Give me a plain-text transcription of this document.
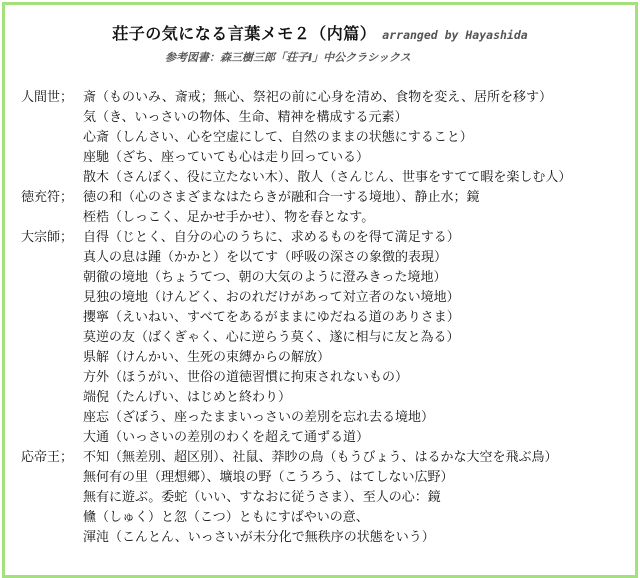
荘子の気になる言葉メモ２（内篇） arranged by Hayashida
参考図書：森三樹三郎「荘子Ⅰ」中公クラシックス
人間世； 斎（ものいみ、斎戒；無心、祭祀の前に心身を清め、食物を変え、居所を移す）
気（き、いっさいの物体、生命、精神を構成する元素）
心斎（しんさい、心を空虚にして、自然のままの状態にすること）
座馳（ざち、座っていても心は走り回っている）
散木（さんぼく、役に立たない木）、散人（さんじん、世事をすてて暇を楽しむ人）
徳充符； 徳の和（心のさまざまなはたらきが融和合一する境地）、静止水；鏡
桎梏（しっこく、足かせ手かせ）、物を春となす。
大宗師； 自得（じとく、自分の心のうちに、求めるものを得て満足する）
真人の息は踵（かかと）を以てす（呼吸の深さの象徴的表現）
朝徹の境地（ちょうてつ、朝の大気のように澄みきった境地）
見独の境地（けんどく、おのれだけがあって対立者のない境地）
攖寧（えいねい、すべてをあるがままにゆだねる道のありさま）
莫逆の友（ばくぎゃく、心に逆らう莫く、遂に相与に友と為る）
県解（けんかい、生死の束縛からの解放）
方外（ほうがい、世俗の道徳習慣に拘束されないもの）
端倪（たんげい、はじめと終わり）
座忘（ざぼう、座ったままいっさいの差別を忘れ去る境地）
大通（いっさいの差別のわくを超えて通ずる道）
応帝王； 不知（無差別、超区別）、社鼠、莽眇の鳥（もうびょう、はるかな大空を飛ぶ鳥）
無何有の里（理想郷）、壙埌の野（こうろう、はてしない広野）
無有に遊ぶ。委蛇（いい、すなおに従うさま）、至人の心：鏡
儵（しゅく）と忽（こつ）ともにすばやいの意、
渾沌（こんとん、いっさいが未分化で無秩序の状態をいう）
